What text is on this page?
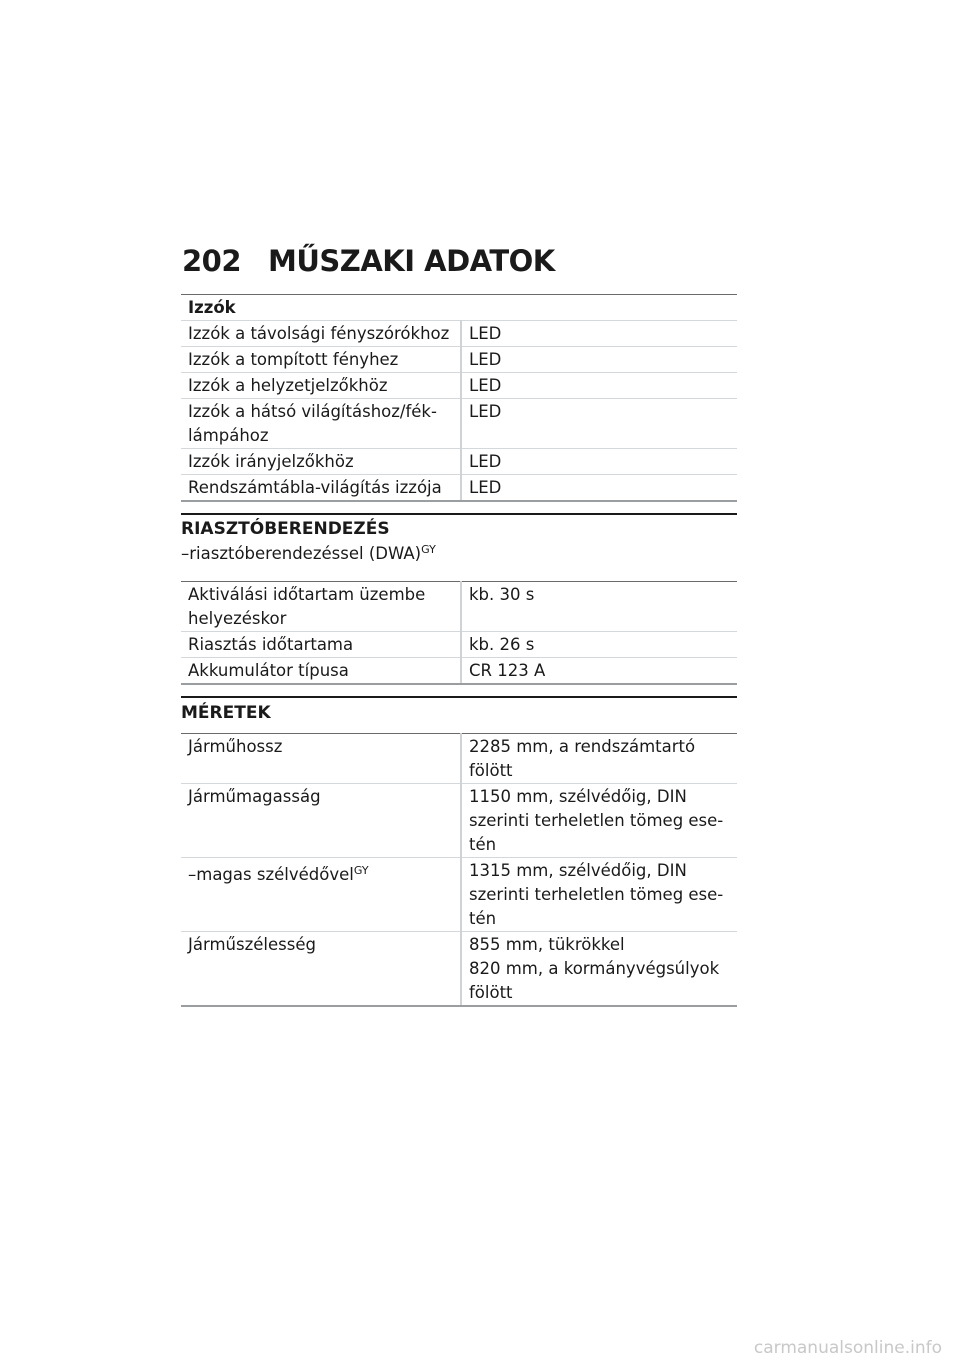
202 MŰSZAKI ADATOK
Izzók	
Izzók a távolsági fényszórókhoz	LED
Izzók a tompított fényhez	LED
Izzók a helyzetjelzőkhöz	LED
Izzók a hátsó világításhoz/fék-lámpához	LED
Izzók irányjelzőkhöz	LED
Rendszámtábla-világítás izzója	LED
RIASZTÓBERENDEZÉS
–riasztóberendezéssel (DWA)$^{GY}$
Aktiválási időtartam üzembe helyezéskor	kb. 30 s
Riasztás időtartama	kb. 26 s
Akkumulátor típusa	CR 123 A
MÉRETEK
Járműhossz	2285 mm, a rendszámtartó fölött
Járműmagasság	1150 mm, szélvédőig, DIN szerinti terheletlen tömeg ese-tén
–magas szélvédővel$^{GY}$	1315 mm, szélvédőig, DIN szerinti terheletlen tömeg ese-tén
Járműszélesség	855 mm, tükrökkel
820 mm, a kormányvégsúlyok fölött
carmanualsonline.info
